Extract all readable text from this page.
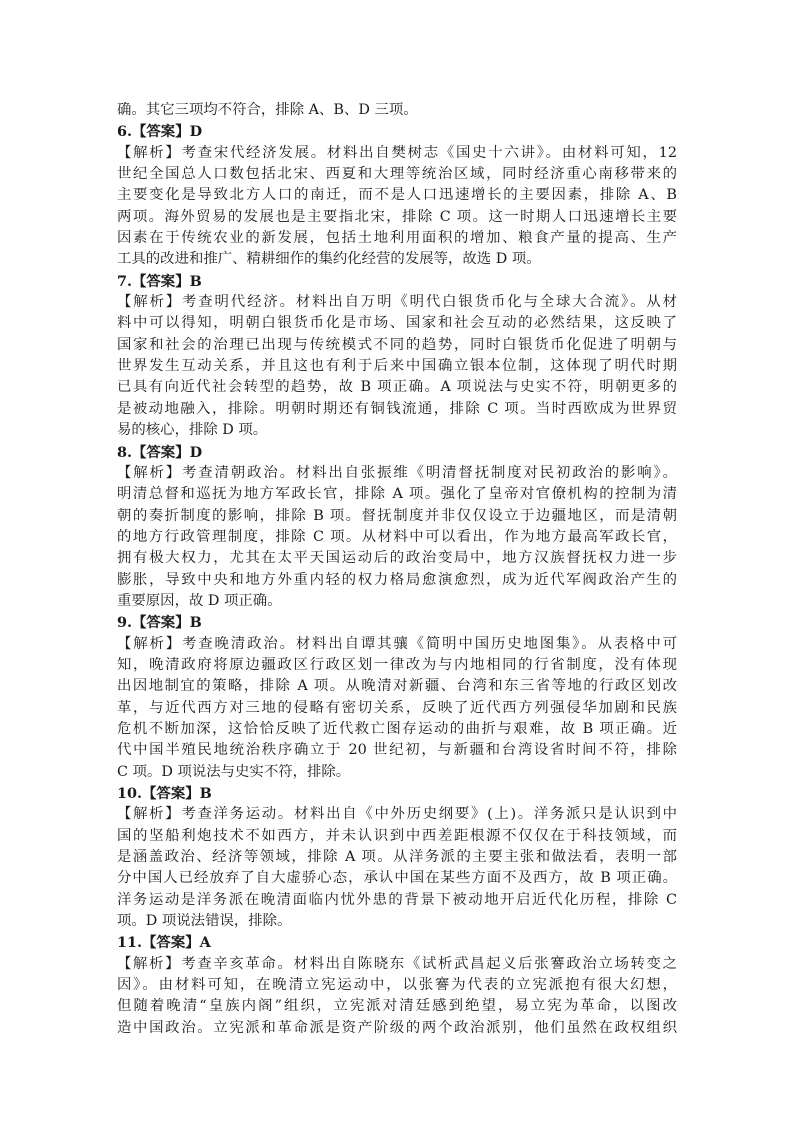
确。其它三项均不符合，排除 A、B、D 三项。
6.【答案】D
【解析】考查宋代经济发展。材料出自樊树志《国史十六讲》。由材料可知，12
世纪全国总人口数包括北宋、西夏和大理等统治区域，同时经济重心南移带来的
主要变化是导致北方人口的南迁，而不是人口迅速增长的主要因素，排除 A、B
两项。海外贸易的发展也是主要指北宋，排除 C 项。这一时期人口迅速增长主要
因素在于传统农业的新发展，包括土地利用面积的增加、粮食产量的提高、生产
工具的改进和推广、精耕细作的集约化经营的发展等，故选 D 项。
7.【答案】B
【解析】考查明代经济。材料出自万明《明代白银货币化与全球大合流》。从材
料中可以得知，明朝白银货币化是市场、国家和社会互动的必然结果，这反映了
国家和社会的治理已出现与传统模式不同的趋势，同时白银货币化促进了明朝与
世界发生互动关系，并且这也有利于后来中国确立银本位制，这体现了明代时期
已具有向近代社会转型的趋势，故 B 项正确。A 项说法与史实不符，明朝更多的
是被动地融入，排除。明朝时期还有铜钱流通，排除 C 项。当时西欧成为世界贸
易的核心，排除 D 项。
8.【答案】D
【解析】考查清朝政治。材料出自张振维《明清督抚制度对民初政治的影响》。
明清总督和巡抚为地方军政长官，排除 A 项。强化了皇帝对官僚机构的控制为清
朝的奏折制度的影响，排除 B 项。督抚制度并非仅仅设立于边疆地区，而是清朝
的地方行政管理制度，排除 C 项。从材料中可以看出，作为地方最高军政长官，
拥有极大权力，尤其在太平天国运动后的政治变局中，地方汉族督抚权力进一步
膨胀，导致中央和地方外重内轻的权力格局愈演愈烈，成为近代军阀政治产生的
重要原因，故 D 项正确。
9.【答案】B
【解析】考查晚清政治。材料出自谭其骧《简明中国历史地图集》。从表格中可
知，晚清政府将原边疆政区行政区划一律改为与内地相同的行省制度，没有体现
出因地制宜的策略，排除 A 项。从晚清对新疆、台湾和东三省等地的行政区划改
革，与近代西方对三地的侵略有密切关系，反映了近代西方列强侵华加剧和民族
危机不断加深，这恰恰反映了近代救亡图存运动的曲折与艰难，故 B 项正确。近
代中国半殖民地统治秩序确立于 20 世纪初，与新疆和台湾设省时间不符，排除
C 项。D 项说法与史实不符，排除。
10.【答案】B
【解析】考查洋务运动。材料出自《中外历史纲要》(上)。洋务派只是认识到中
国的坚船利炮技术不如西方，并未认识到中西差距根源不仅仅在于科技领域，而
是涵盖政治、经济等领域，排除 A 项。从洋务派的主要主张和做法看，表明一部
分中国人已经放弃了自大虚骄心态，承认中国在某些方面不及西方，故 B 项正确。
洋务运动是洋务派在晚清面临内忧外患的背景下被动地开启近代化历程，排除 C
项。D 项说法错误，排除。
11.【答案】A
【解析】考查辛亥革命。材料出自陈晓东《试析武昌起义后张謇政治立场转变之
因》。由材料可知，在晚清立宪运动中，以张謇为代表的立宪派抱有很大幻想，
但随着晚清“皇族内阁”组织，立宪派对清廷感到绝望，易立宪为革命，以图改
造中国政治。立宪派和革命派是资产阶级的两个政治派别，他们虽然在政权组织
